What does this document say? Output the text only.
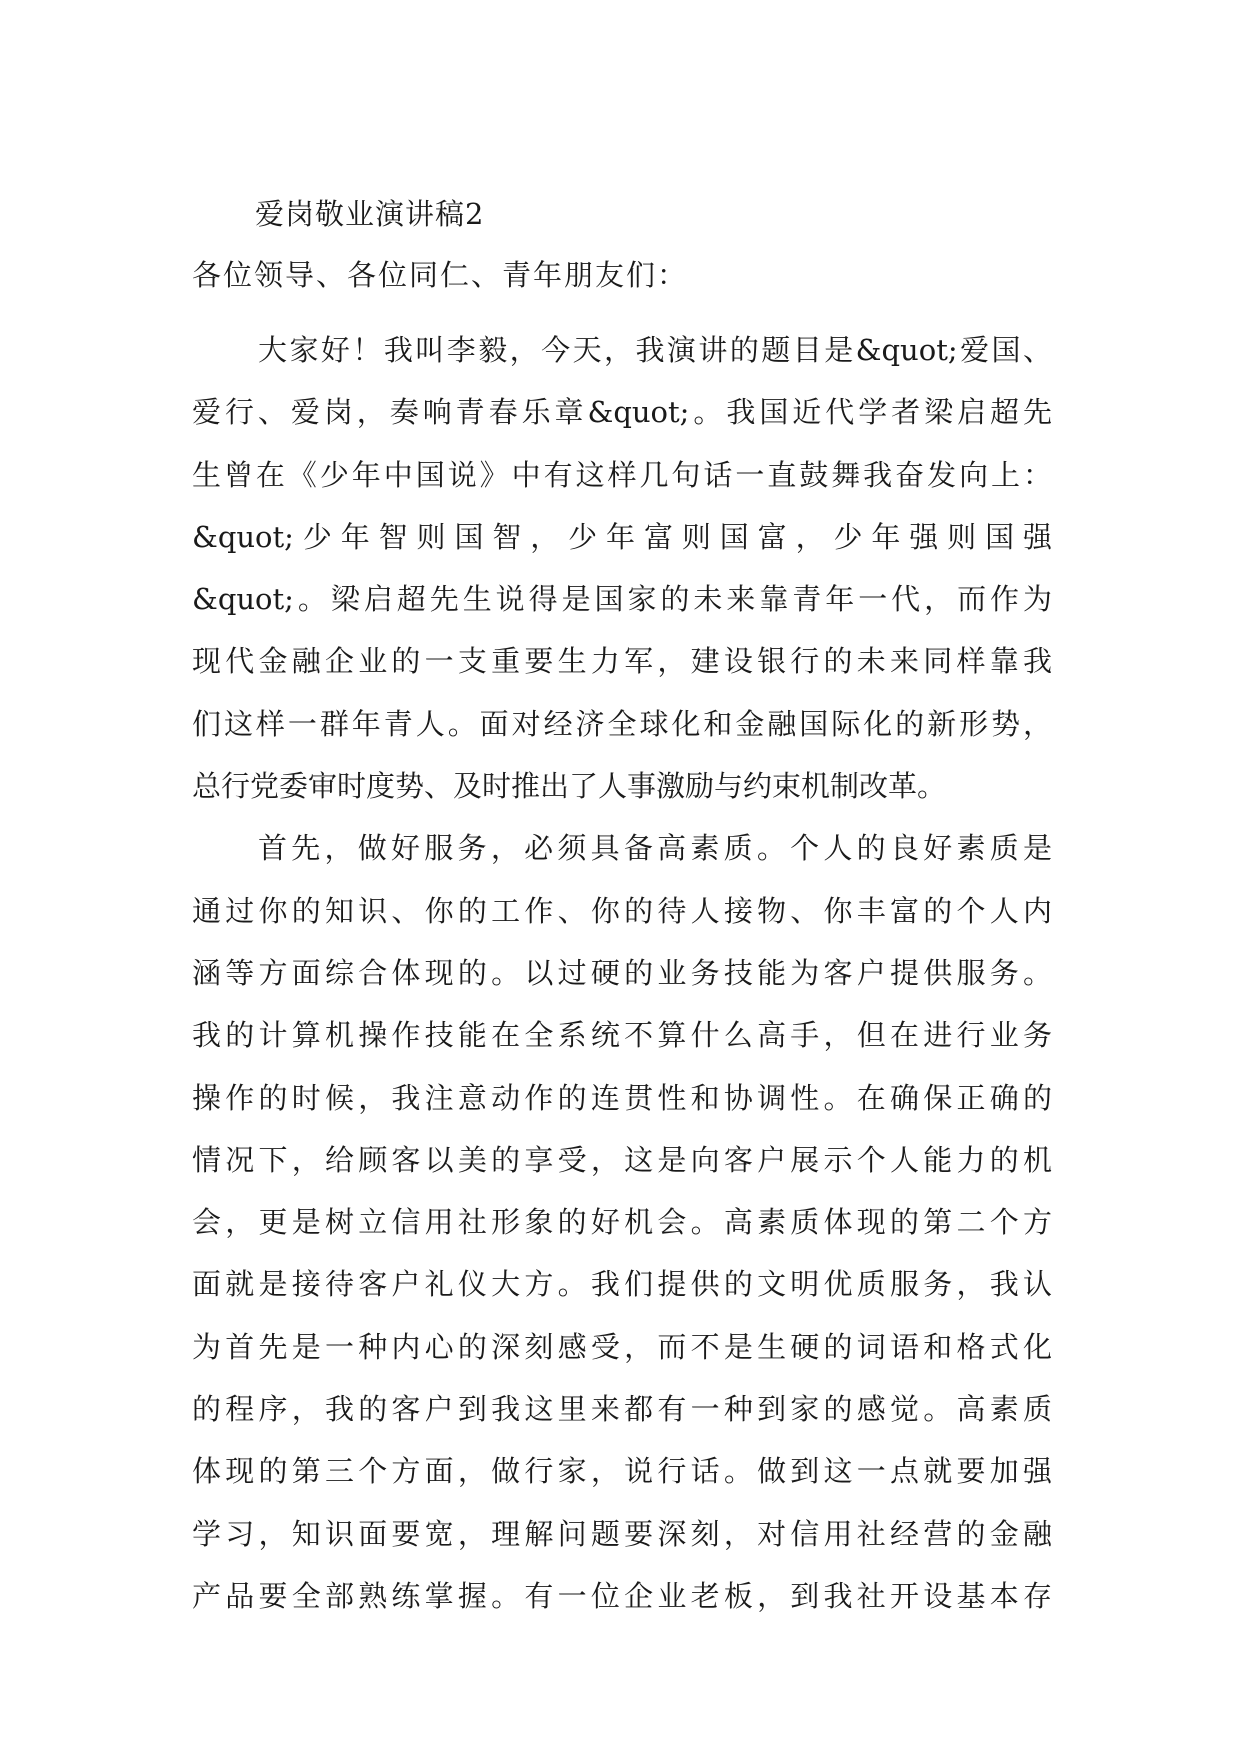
爱岗敬业演讲稿2
各位领导、各位同仁、青年朋友们：
大家好！我叫李毅，今天，我演讲的题目是&quot;爱国、
爱行、爱岗，奏响青春乐章&quot;。我国近代学者梁启超先
生曾在《少年中国说》中有这样几句话一直鼓舞我奋发向上：
&quot;少年智则国智，少年富则国富，少年强则国强
&quot;。梁启超先生说得是国家的未来靠青年一代，而作为
现代金融企业的一支重要生力军，建设银行的未来同样靠我
们这样一群年青人。面对经济全球化和金融国际化的新形势，
总行党委审时度势、及时推出了人事激励与约束机制改革。
首先，做好服务，必须具备高素质。个人的良好素质是
通过你的知识、你的工作、你的待人接物、你丰富的个人内
涵等方面综合体现的。以过硬的业务技能为客户提供服务。
我的计算机操作技能在全系统不算什么高手，但在进行业务
操作的时候，我注意动作的连贯性和协调性。在确保正确的
情况下，给顾客以美的享受，这是向客户展示个人能力的机
会，更是树立信用社形象的好机会。高素质体现的第二个方
面就是接待客户礼仪大方。我们提供的文明优质服务，我认
为首先是一种内心的深刻感受，而不是生硬的词语和格式化
的程序，我的客户到我这里来都有一种到家的感觉。高素质
体现的第三个方面，做行家，说行话。做到这一点就要加强
学习，知识面要宽，理解问题要深刻，对信用社经营的金融
产品要全部熟练掌握。有一位企业老板，到我社开设基本存
